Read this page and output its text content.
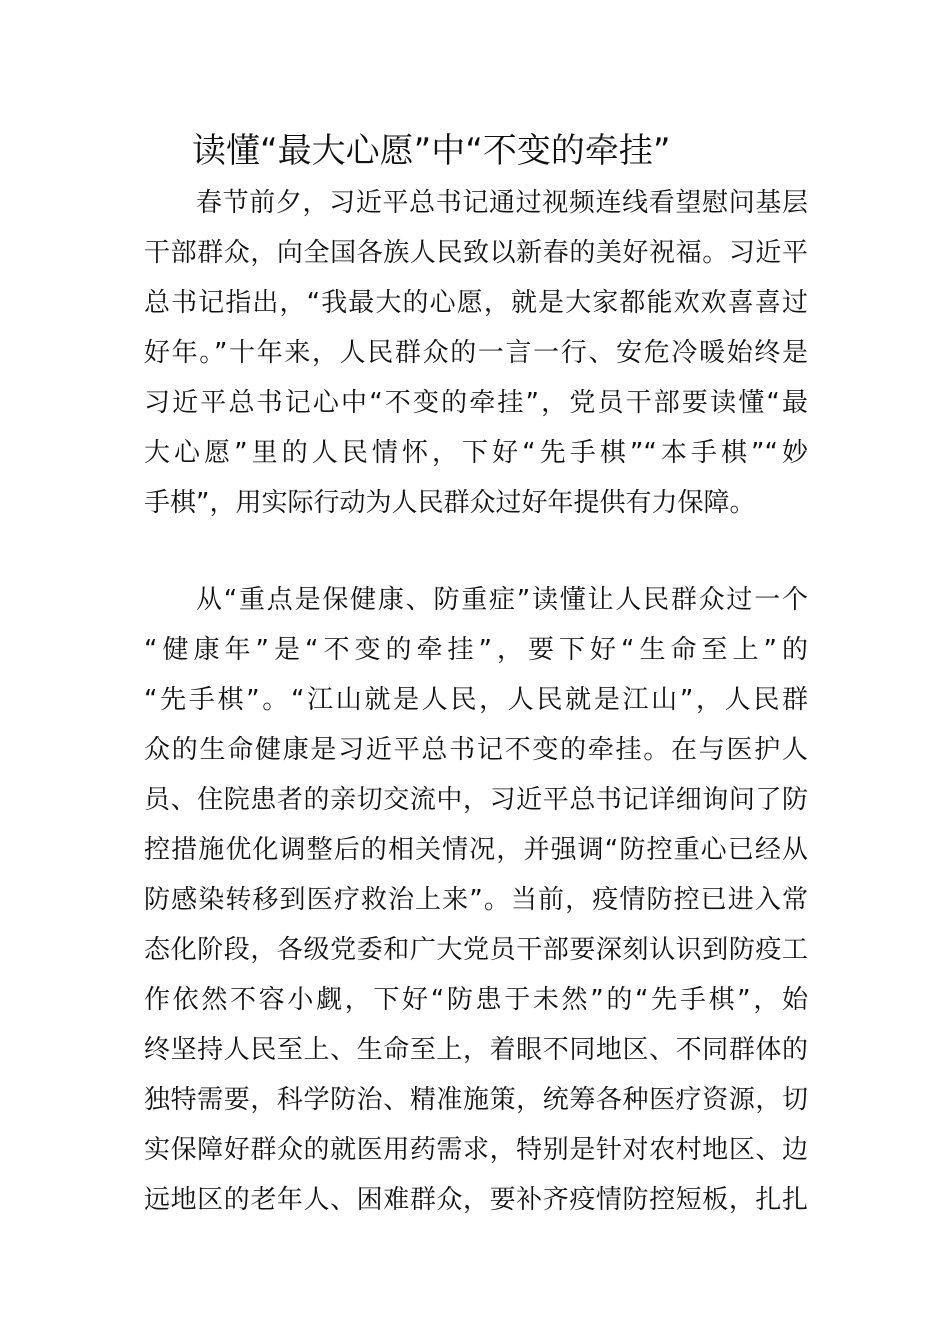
读懂“最大心愿”中“不变的牵挂”
春节前夕，习近平总书记通过视频连线看望慰问基层
干部群众，向全国各族人民致以新春的美好祝福。习近平
总书记指出，“我最大的心愿，就是大家都能欢欢喜喜过
好年。”十年来，人民群众的一言一行、安危冷暖始终是
习近平总书记心中“不变的牵挂”，党员干部要读懂“最
大心愿”里的人民情怀，下好“先手棋”“本手棋”“妙
手棋”，用实际行动为人民群众过好年提供有力保障。
从“重点是保健康、防重症”读懂让人民群众过一个
“健康年”是“不变的牵挂”，要下好“生命至上”的
“先手棋”。“江山就是人民，人民就是江山”，人民群
众的生命健康是习近平总书记不变的牵挂。在与医护人
员、住院患者的亲切交流中，习近平总书记详细询问了防
控措施优化调整后的相关情况，并强调“防控重心已经从
防感染转移到医疗救治上来”。当前，疫情防控已进入常
态化阶段，各级党委和广大党员干部要深刻认识到防疫工
作依然不容小觑，下好“防患于未然”的“先手棋”，始
终坚持人民至上、生命至上，着眼不同地区、不同群体的
独特需要，科学防治、精准施策，统筹各种医疗资源，切
实保障好群众的就医用药需求，特别是针对农村地区、边
远地区的老年人、困难群众，要补齐疫情防控短板，扎扎
